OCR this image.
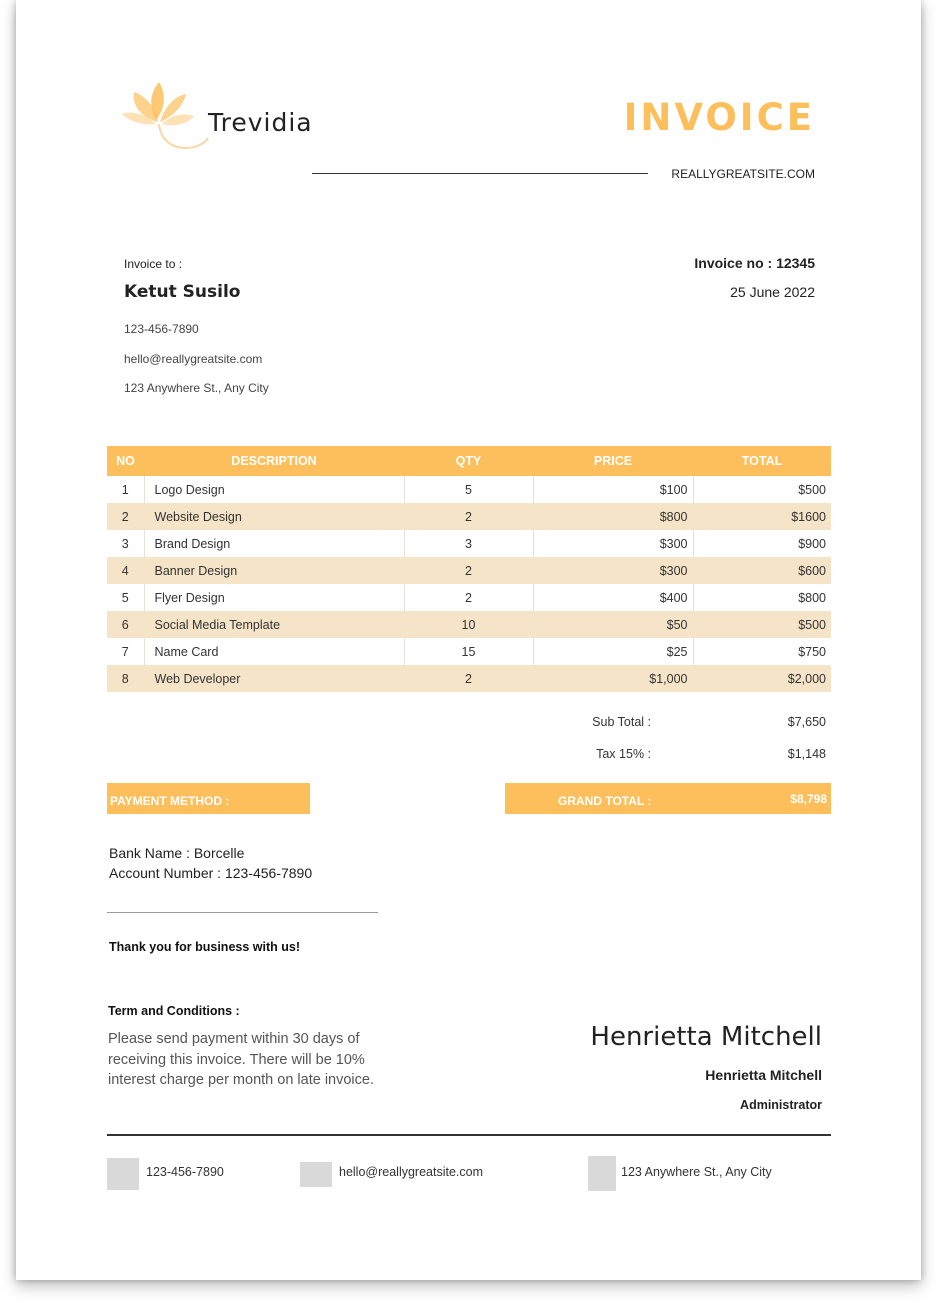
Trevidia	INVOICE
REALLYGREATSITE.COM
Invoice to :
Ketut Susilo
123-456-7890
hello@reallygreatsite.com
123 Anywhere St., Any City
Invoice no : 12345
25 June 2022
NO	DESCRIPTION	QTY	PRICE	TOTAL
1	Logo Design	5	$100	$500
2	Website Design	2	$800	$1600
3	Brand Design	3	$300	$900
4	Banner Design	2	$300	$600
5	Flyer Design	2	$400	$800
6	Social Media Template	10	$50	$500
7	Name Card	15	$25	$750
8	Web Developer	2	$1,000	$2,000
Sub Total :	$7,650
Tax 15% :	$1,148
PAYMENT METHOD :	GRAND TOTAL :	$8,798
Bank Name : Borcelle
Account Number : 123-456-7890
Thank you for business with us!
Term and Conditions :
Please send payment within 30 days of receiving this invoice. There will be 10% interest charge per month on late invoice.
Henrietta Mitchell
Henrietta Mitchell
Administrator
123-456-7890	hello@reallygreatsite.com	123 Anywhere St., Any City
